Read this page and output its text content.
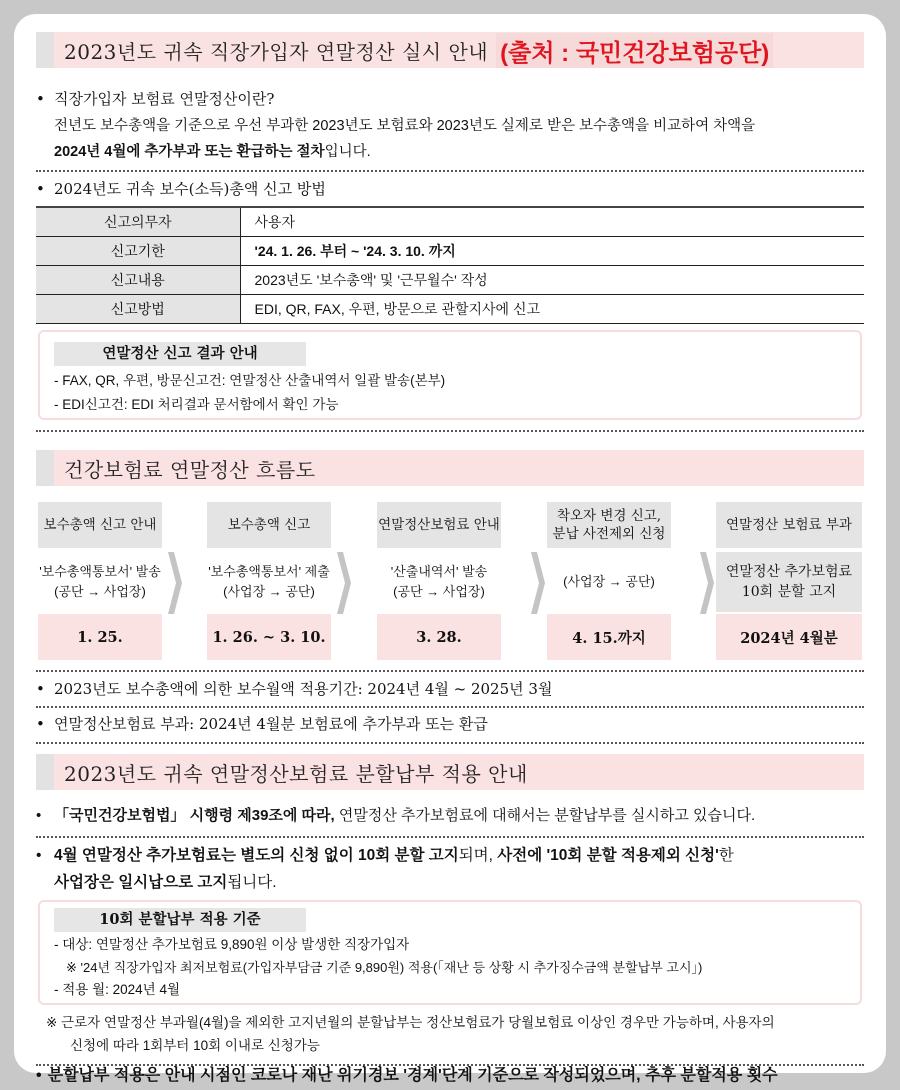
2023년도 귀속 직장가입자 연말정산 실시 안내 (출처 : 국민건강보험공단)
• 직장가입자 보험료 연말정산이란?
전년도 보수총액을 기준으로 우선 부과한 2023년도 보험료와 2023년도 실제로 받은 보수총액을 비교하여 차액을
2024년 4월에 추가부과 또는 환급하는 절차입니다.
• 2024년도 귀속 보수(소득)총액 신고 방법
신고의무자	사용자
신고기한	'24. 1. 26. 부터 ~ '24. 3. 10. 까지
신고내용	2023년도 '보수총액' 및 '근무월수' 작성
신고방법	EDI, QR, FAX, 우편, 방문으로 관할지사에 신고
연말정산 신고 결과 안내
- FAX, QR, 우편, 방문신고건: 연말정산 산출내역서 일괄 발송(본부)
- EDI신고건: EDI 처리결과 문서함에서 확인 가능
건강보험료 연말정산 흐름도
보수총액 신고 안내
'보수총액통보서' 발송
(공단 → 사업장)
1. 25.
보수총액 신고
'보수총액통보서' 제출
(사업장 → 공단)
1. 26. ~ 3. 10.
연말정산보험료 안내
'산출내역서' 발송
(공단 → 사업장)
3. 28.
착오자 변경 신고,
분납 사전제외 신청
(사업장 → 공단)
4. 15.까지
연말정산 보험료 부과
연말정산 추가보험료
10회 분할 고지
2024년 4월분
• 2023년도 보수총액에 의한 보수월액 적용기간: 2024년 4월 ~ 2025년 3월
• 연말정산보험료 부과: 2024년 4월분 보험료에 추가부과 또는 환급
2023년도 귀속 연말정산보험료 분할납부 적용 안내
• 「국민건강보험법」 시행령 제39조에 따라, 연말정산 추가보험료에 대해서는 분할납부를 실시하고 있습니다.
• 4월 연말정산 추가보험료는 별도의 신청 없이 10회 분할 고지되며, 사전에 '10회 분할 적용제외 신청'한
사업장은 일시납으로 고지됩니다.
10회 분할납부 적용 기준
- 대상: 연말정산 추가보험료 9,890원 이상 발생한 직장가입자
※ '24년 직장가입자 최저보험료(가입자부담금 기준 9,890원) 적용(「재난 등 상황 시 추가징수금액 분할납부 고시」)
- 적용 월: 2024년 4월
※ 근로자 연말정산 부과월(4월)을 제외한 고지년월의 분할납부는 정산보험료가 당월보험료 이상인 경우만 가능하며, 사용자의
신청에 따라 1회부터 10회 이내로 신청가능
• 분할납부 적용은 안내 시점인 코로나 재난 위기경보 '경계'단계 기준으로 작성되었으며, 추후 분할적용 횟수
